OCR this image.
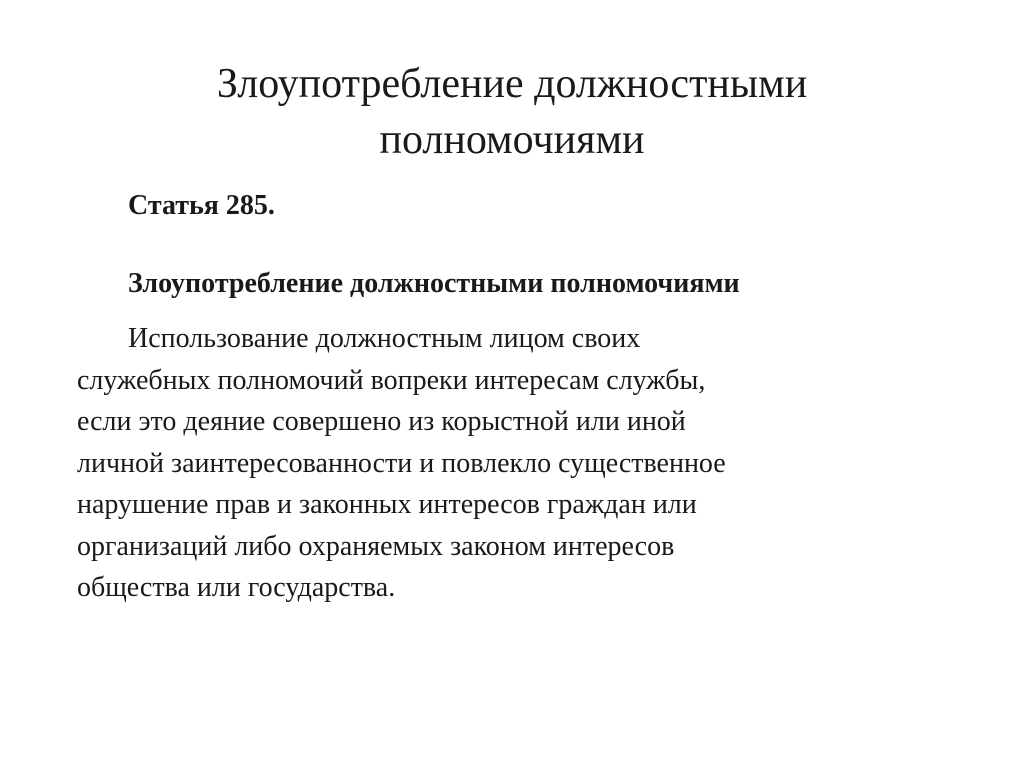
Злоупотребление должностными
полномочиями

Статья 285.

Злоупотребление должностными полномочиями

Использование должностным лицом своих
служебных полномочий вопреки интересам службы,
если это деяние совершено из корыстной или иной
личной заинтересованности и повлекло существенное
нарушение прав и законных интересов граждан или
организаций либо охраняемых законом интересов
общества или государства.
